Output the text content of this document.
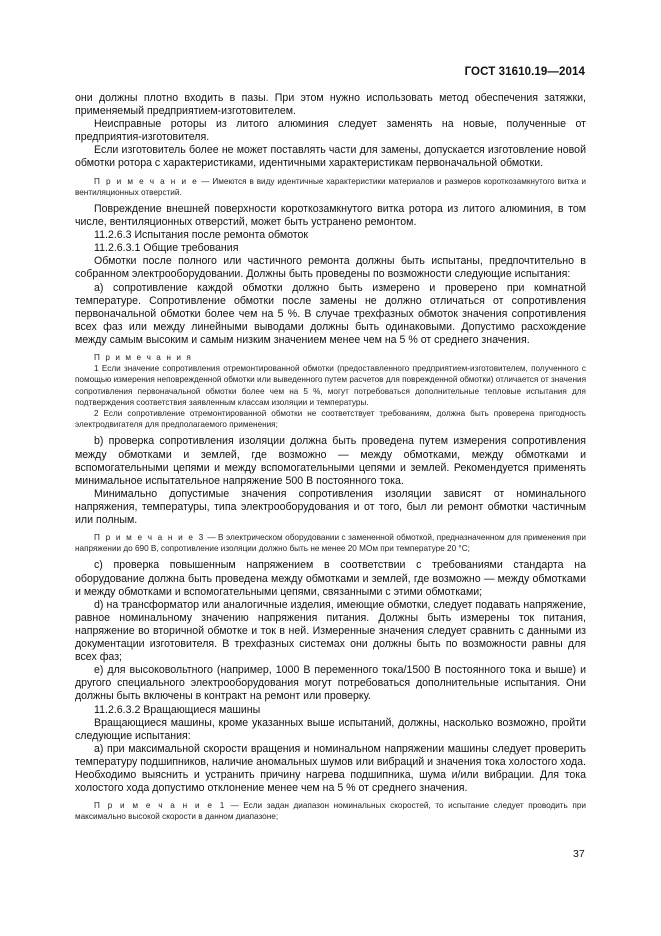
ГОСТ 31610.19—2014

они должны плотно входить в пазы. При этом нужно использовать метод обеспечения затяжки, применяемый предприятием-изготовителем.

Неисправные роторы из литого алюминия следует заменять на новые, полученные от предприятия-изготовителя.

Если изготовитель более не может поставлять части для замены, допускается изготовление новой обмотки ротора с характеристиками, идентичными характеристикам первоначальной обмотки.

П р и м е ч а н и е — Имеются в виду идентичные характеристики материалов и размеров короткозамкнутого витка и вентиляционных отверстий.

Повреждение внешней поверхности короткозамкнутого витка ротора из литого алюминия, в том числе, вентиляционных отверстий, может быть устранено ремонтом.

11.2.6.3 Испытания после ремонта обмоток

11.2.6.3.1 Общие требования

Обмотки после полного или частичного ремонта должны быть испытаны, предпочтительно в собранном электрооборудовании. Должны быть проведены по возможности следующие испытания:

а) сопротивление каждой обмотки должно быть измерено и проверено при комнатной температуре. Сопротивление обмотки после замены не должно отличаться от сопротивления первоначальной обмотки более чем на 5 %. В случае трехфазных обмоток значения сопротивления всех фаз или между линейными выводами должны быть одинаковыми. Допустимо расхождение между самым высоким и самым низким значением менее чем на 5 % от среднего значения.

П р и м е ч а н и я

1 Если значение сопротивления отремонтированной обмотки (предоставленного предприятием-изготовителем, полученного с помощью измерения неповрежденной обмотки или выведенного путем расчетов для поврежденной обмотки) отличается от значения сопротивления первоначальной обмотки более чем на 5 %, могут потребоваться дополнительные тепловые испытания для подтверждения соответствия заявленным классам изоляции и температуры.

2 Если сопротивление отремонтированной обмотки не соответствует требованиям, должна быть проверена пригодность электродвигателя для предполагаемого применения;

b) проверка сопротивления изоляции должна быть проведена путем измерения сопротивления между обмотками и землей, где возможно — между обмотками, между обмотками и вспомогательными цепями и между вспомогательными цепями и землей. Рекомендуется применять минимальное испытательное напряжение 500 В постоянного тока.

Минимально допустимые значения сопротивления изоляции зависят от номинального напряжения, температуры, типа электрооборудования и от того, был ли ремонт обмотки частичным или полным.

П р и м е ч а н и е 3 — В электрическом оборудовании с замененной обмоткой, предназначенном для применения при напряжении до 690 В, сопротивление изоляции должно быть не менее 20 МОм при температуре 20 °С;

с) проверка повышенным напряжением в соответствии с требованиями стандарта на оборудование должна быть проведена между обмотками и землей, где возможно — между обмотками и между обмотками и вспомогательными цепями, связанными с этими обмотками;

d) на трансформатор или аналогичные изделия, имеющие обмотки, следует подавать напряжение, равное номинальному значению напряжения питания. Должны быть измерены ток питания, напряжение во вторичной обмотке и ток в ней. Измеренные значения следует сравнить с данными из документации изготовителя. В трехфазных системах они должны быть по возможности равны для всех фаз;

е) для высоковольтного (например, 1000 В переменного тока/1500 В постоянного тока и выше) и другого специального электрооборудования могут потребоваться дополнительные испытания. Они должны быть включены в контракт на ремонт или проверку.

11.2.6.3.2 Вращающиеся машины

Вращающиеся машины, кроме указанных выше испытаний, должны, насколько возможно, пройти следующие испытания:

а) при максимальной скорости вращения и номинальном напряжении машины следует проверить температуру подшипников, наличие аномальных шумов или вибраций и значения тока холостого хода. Необходимо выяснить и устранить причину нагрева подшипника, шума и/или вибрации. Для тока холостого хода допустимо отклонение менее чем на 5 % от среднего значения.

П р и м е ч а н и е 1 — Если задан диапазон номинальных скоростей, то испытание следует проводить при максимально высокой скорости в данном диапазоне;

37
